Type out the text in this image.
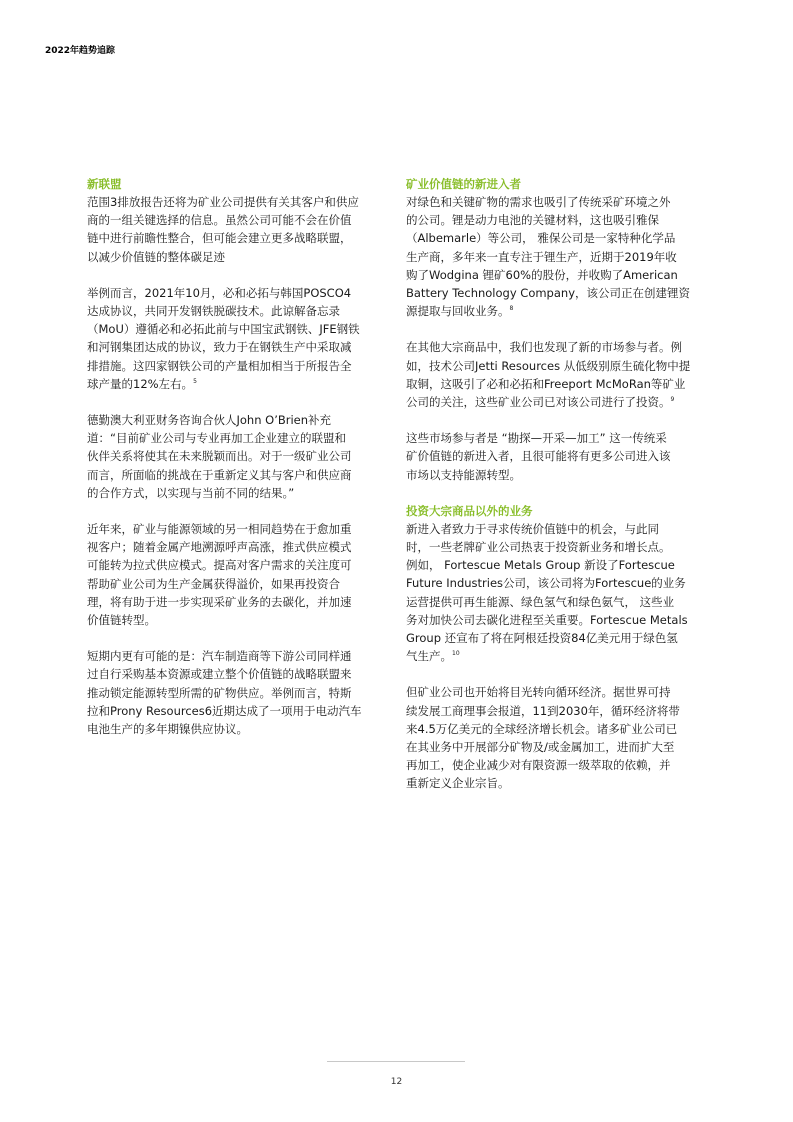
2022年趋势追踪
新联盟

范围3排放报告还将为矿业公司提供有关其客户和供应
商的一组关键选择的信息。虽然公司可能不会在价值
链中进行前瞻性整合，但可能会建立更多战略联盟，
以减少价值链的整体碳足迹

举例而言，2021年10月，必和必拓与韩国POSCO4
达成协议，共同开发钢铁脱碳技术。此谅解备忘录
（MoU）遵循必和必拓此前与中国宝武钢铁、JFE钢铁
和河钢集团达成的协议，致力于在钢铁生产中采取减
排措施。这四家钢铁公司的产量相加相当于所报告全
球产量的12%左右。$^5$

德勤澳大利亚财务咨询合伙人John O’Brien补充
道：“目前矿业公司与专业再加工企业建立的联盟和
伙伴关系将使其在未来脱颖而出。对于一级矿业公司
而言，所面临的挑战在于重新定义其与客户和供应商
的合作方式，以实现与当前不同的结果。”

近年来，矿业与能源领域的另一相同趋势在于愈加重
视客户；随着金属产地溯源呼声高涨，推式供应模式
可能转为拉式供应模式。提高对客户需求的关注度可
帮助矿业公司为生产金属获得溢价，如果再投资合
理，将有助于进一步实现采矿业务的去碳化，并加速
价值链转型。

短期内更有可能的是：汽车制造商等下游公司同样通
过自行采购基本资源或建立整个价值链的战略联盟来
推动锁定能源转型所需的矿物供应。举例而言，特斯
拉和Prony Resources6近期达成了一项用于电动汽车
电池生产的多年期镍供应协议。

矿业价值链的新进入者

对绿色和关键矿物的需求也吸引了传统采矿环境之外
的公司。锂是动力电池的关键材料，这也吸引雅保
（Albemarle）等公司， 雅保公司是一家特种化学品
生产商，多年来一直专注于锂生产，近期于2019年收
购了Wodgina 锂矿60%的股份，并收购了American
Battery Technology Company，该公司正在创建锂资
源提取与回收业务。$^8$

在其他大宗商品中，我们也发现了新的市场参与者。例
如，技术公司Jetti Resources 从低级别原生硫化物中提
取铜，这吸引了必和必拓和Freeport McMoRan等矿业
公司的关注，这些矿业公司已对该公司进行了投资。$^9$

这些市场参与者是 “勘探—开采—加工” 这一传统采
矿价值链的新进入者，且很可能将有更多公司进入该
市场以支持能源转型。

投资大宗商品以外的业务

新进入者致力于寻求传统价值链中的机会，与此同
时，一些老牌矿业公司热衷于投资新业务和增长点。
例如， Fortescue Metals Group 新设了Fortescue
Future Industries公司，该公司将为Fortescue的业务
运营提供可再生能源、绿色氢气和绿色氨气， 这些业
务对加快公司去碳化进程至关重要。Fortescue Metals
Group 还宣布了将在阿根廷投资84亿美元用于绿色氢
气生产。$^{10}$

但矿业公司也开始将目光转向循环经济。据世界可持
续发展工商理事会报道，11到2030年，循环经济将带
来4.5万亿美元的全球经济增长机会。诸多矿业公司已
在其业务中开展部分矿物及/或金属加工，进而扩大至
再加工，使企业减少对有限资源一级萃取的依赖，并
重新定义企业宗旨。

12
